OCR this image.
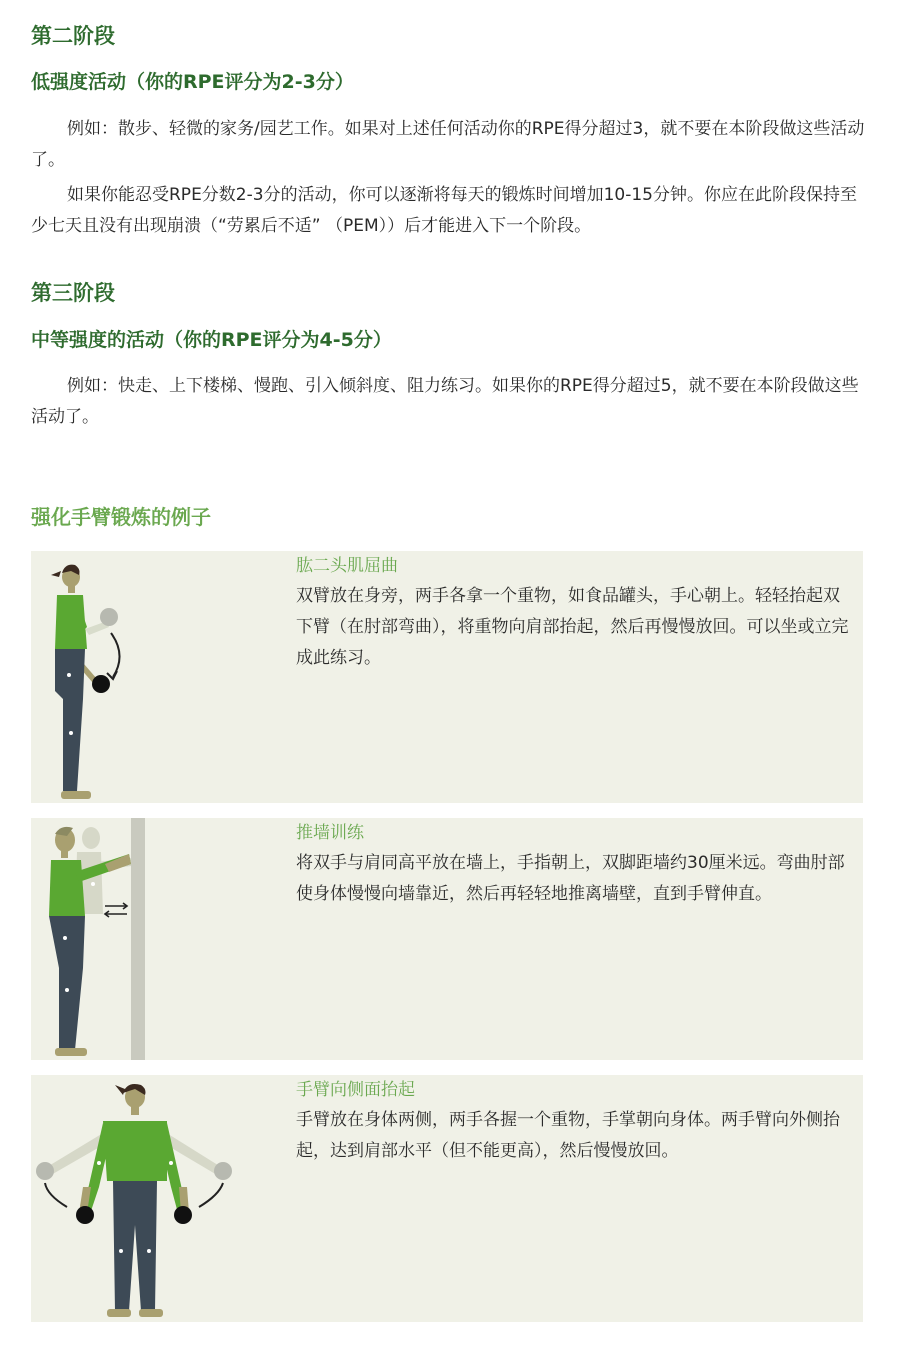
第二阶段
低强度活动（你的RPE评分为2-3分）

例如：散步、轻微的家务/园艺工作。如果对上述任何活动你的RPE得分超过3，就不要在本阶段做这些活动了。

如果你能忍受RPE分数2-3分的活动，你可以逐渐将每天的锻炼时间增加10-15分钟。你应在此阶段保持至少七天且没有出现崩溃（“劳累后不适” （PEM））后才能进入下一个阶段。

第三阶段
中等强度的活动（你的RPE评分为4-5分）

例如：快走、上下楼梯、慢跑、引入倾斜度、阻力练习。如果你的RPE得分超过5，就不要在本阶段做这些活动了。

强化手臂锻炼的例子

肱二头肌屈曲

双臂放在身旁，两手各拿一个重物，如食品罐头，手心朝上。轻轻抬起双下臂（在肘部弯曲），将重物向肩部抬起，然后再慢慢放回。可以坐或立完成此练习。

推墙训练

将双手与肩同高平放在墙上，手指朝上，双脚距墙约30厘米远。弯曲肘部使身体慢慢向墙靠近，然后再轻轻地推离墙壁，直到手臂伸直。

手臂向侧面抬起

手臂放在身体两侧，两手各握一个重物，手掌朝向身体。两手臂向外侧抬起，达到肩部水平（但不能更高），然后慢慢放回。
